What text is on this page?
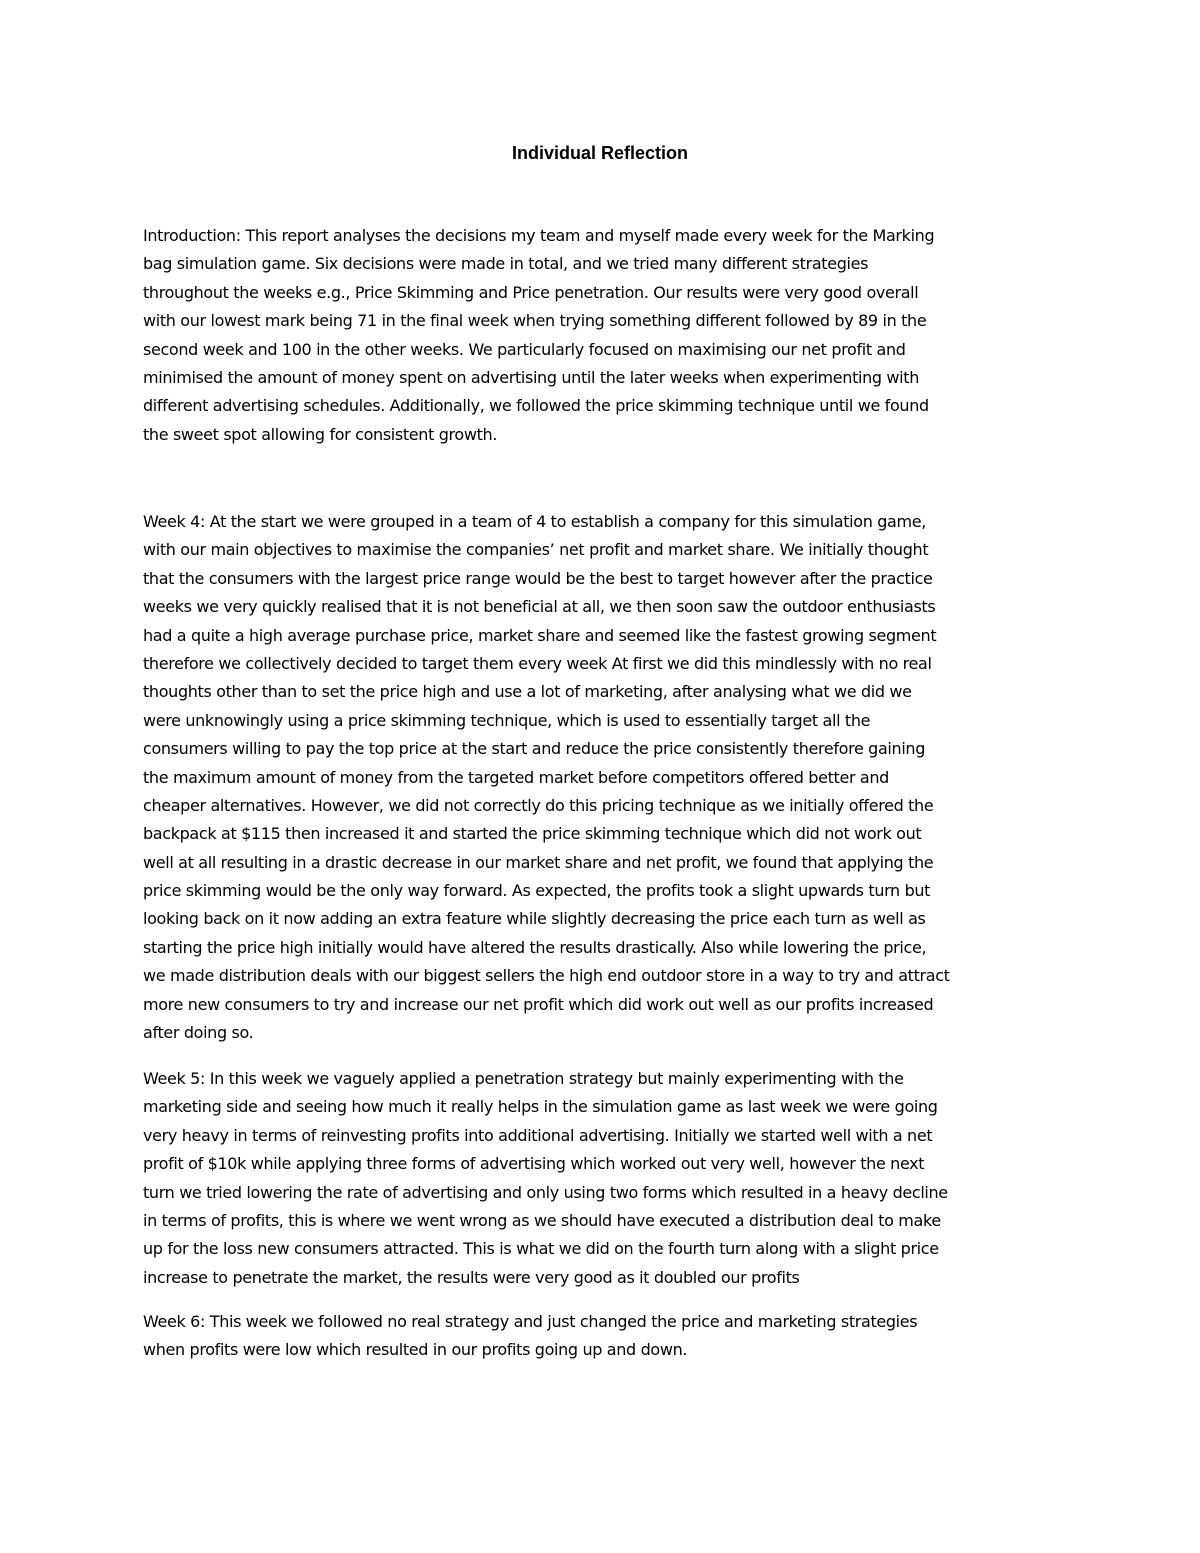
Individual Reflection

Introduction: This report analyses the decisions my team and myself made every week for the Marking
bag simulation game. Six decisions were made in total, and we tried many different strategies
throughout the weeks e.g., Price Skimming and Price penetration. Our results were very good overall
with our lowest mark being 71 in the final week when trying something different followed by 89 in the
second week and 100 in the other weeks. We particularly focused on maximising our net profit and
minimised the amount of money spent on advertising until the later weeks when experimenting with
different advertising schedules. Additionally, we followed the price skimming technique until we found
the sweet spot allowing for consistent growth.

Week 4: At the start we were grouped in a team of 4 to establish a company for this simulation game,
with our main objectives to maximise the companies’ net profit and market share. We initially thought
that the consumers with the largest price range would be the best to target however after the practice
weeks we very quickly realised that it is not beneficial at all, we then soon saw the outdoor enthusiasts
had a quite a high average purchase price, market share and seemed like the fastest growing segment
therefore we collectively decided to target them every week At first we did this mindlessly with no real
thoughts other than to set the price high and use a lot of marketing, after analysing what we did we
were unknowingly using a price skimming technique, which is used to essentially target all the
consumers willing to pay the top price at the start and reduce the price consistently therefore gaining
the maximum amount of money from the targeted market before competitors offered better and
cheaper alternatives. However, we did not correctly do this pricing technique as we initially offered the
backpack at $115 then increased it and started the price skimming technique which did not work out
well at all resulting in a drastic decrease in our market share and net profit, we found that applying the
price skimming would be the only way forward. As expected, the profits took a slight upwards turn but
looking back on it now adding an extra feature while slightly decreasing the price each turn as well as
starting the price high initially would have altered the results drastically. Also while lowering the price,
we made distribution deals with our biggest sellers the high end outdoor store in a way to try and attract
more new consumers to try and increase our net profit which did work out well as our profits increased
after doing so.

Week 5: In this week we vaguely applied a penetration strategy but mainly experimenting with the
marketing side and seeing how much it really helps in the simulation game as last week we were going
very heavy in terms of reinvesting profits into additional advertising. Initially we started well with a net
profit of $10k while applying three forms of advertising which worked out very well, however the next
turn we tried lowering the rate of advertising and only using two forms which resulted in a heavy decline
in terms of profits, this is where we went wrong as we should have executed a distribution deal to make
up for the loss new consumers attracted. This is what we did on the fourth turn along with a slight price
increase to penetrate the market, the results were very good as it doubled our profits

Week 6: This week we followed no real strategy and just changed the price and marketing strategies
when profits were low which resulted in our profits going up and down.
